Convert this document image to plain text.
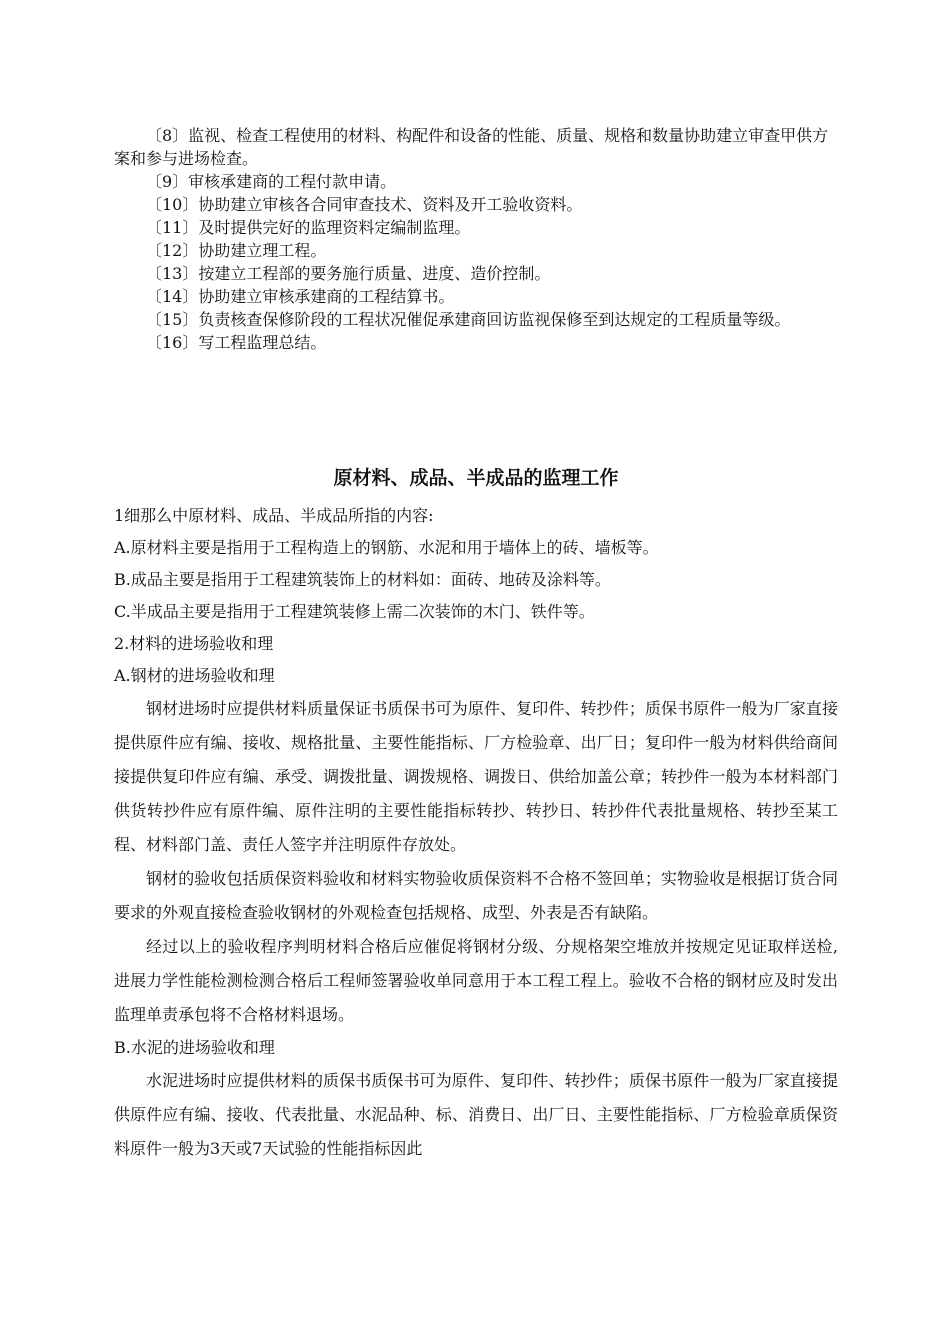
〔8〕监视、检查工程使用的材料、构配件和设备的性能、质量、规格和数量协助建立审查甲供方案和参与进场检查。

〔9〕审核承建商的工程付款申请。

〔10〕协助建立审核各合同审查技术、资料及开工验收资料。

〔11〕及时提供完好的监理资料定编制监理。

〔12〕协助建立理工程。

〔13〕按建立工程部的要务施行质量、进度、造价控制。

〔14〕协助建立审核承建商的工程结算书。

〔15〕负责核查保修阶段的工程状况催促承建商回访监视保修至到达规定的工程质量等级。

〔16〕写工程监理总结。

原材料、成品、半成品的监理工作

1细那么中原材料、成品、半成品所指的内容:

A.原材料主要是指用于工程构造上的钢筋、水泥和用于墙体上的砖、墙板等。

B.成品主要是指用于工程建筑装饰上的材料如：面砖、地砖及涂料等。

C.半成品主要是指用于工程建筑装修上需二次装饰的木门、铁件等。

2.材料的进场验收和理

A.钢材的进场验收和理

钢材进场时应提供材料质量保证书质保书可为原件、复印件、转抄件；质保书原件一般为厂家直接提供原件应有编、接收、规格批量、主要性能指标、厂方检验章、出厂日；复印件一般为材料供给商间接提供复印件应有编、承受、调拨批量、调拨规格、调拨日、供给加盖公章；转抄件一般为本材料部门供货转抄件应有原件编、原件注明的主要性能指标转抄、转抄日、转抄件代表批量规格、转抄至某工程、材料部门盖、责任人签字并注明原件存放处。

钢材的验收包括质保资料验收和材料实物验收质保资料不合格不签回单；实物验收是根据订货合同要求的外观直接检查验收钢材的外观检查包括规格、成型、外表是否有缺陷。

经过以上的验收程序判明材料合格后应催促将钢材分级、分规格架空堆放并按规定见证取样送检,进展力学性能检测检测合格后工程师签署验收单同意用于本工程工程上。验收不合格的钢材应及时发出监理单责承包将不合格材料退场。

B.水泥的进场验收和理

水泥进场时应提供材料的质保书质保书可为原件、复印件、转抄件；质保书原件一般为厂家直接提供原件应有编、接收、代表批量、水泥品种、标、消费日、出厂日、主要性能指标、厂方检验章质保资料原件一般为3天或7天试验的性能指标因此
